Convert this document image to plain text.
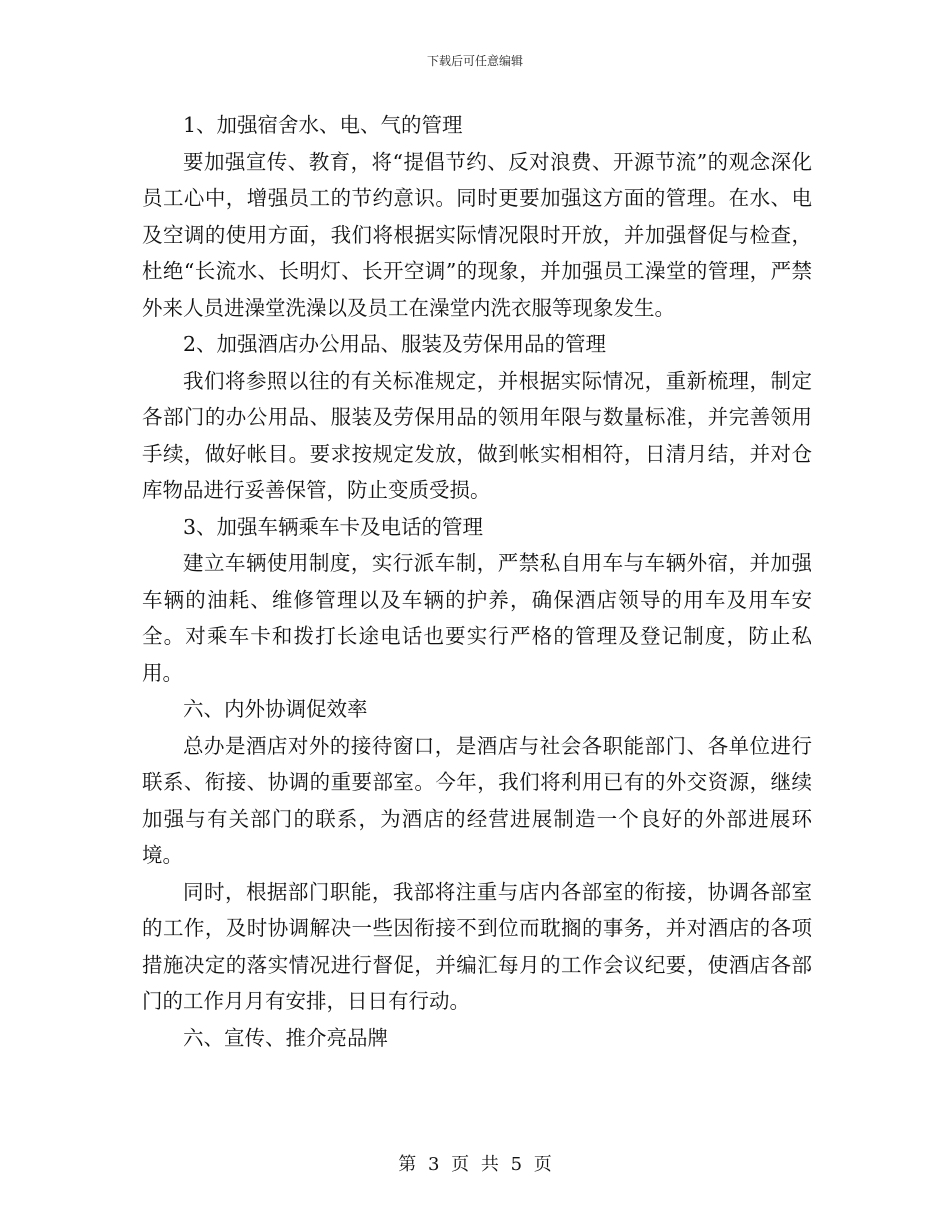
下载后可任意编辑

1、加强宿舍水、电、气的管理

要加强宣传、教育，将“提倡节约、反对浪费、开源节流”的观念深化员工心中，增强员工的节约意识。同时更要加强这方面的管理。在水、电及空调的使用方面，我们将根据实际情况限时开放，并加强督促与检查，杜绝“长流水、长明灯、长开空调”的现象，并加强员工澡堂的管理，严禁外来人员进澡堂洗澡以及员工在澡堂内洗衣服等现象发生。

2、加强酒店办公用品、服装及劳保用品的管理

我们将参照以往的有关标准规定，并根据实际情况，重新梳理，制定各部门的办公用品、服装及劳保用品的领用年限与数量标准，并完善领用手续，做好帐目。要求按规定发放，做到帐实相相符，日清月结，并对仓库物品进行妥善保管，防止变质受损。

3、加强车辆乘车卡及电话的管理

建立车辆使用制度，实行派车制，严禁私自用车与车辆外宿，并加强车辆的油耗、维修管理以及车辆的护养，确保酒店领导的用车及用车安全。对乘车卡和拨打长途电话也要实行严格的管理及登记制度，防止私用。

六、内外协调促效率

总办是酒店对外的接待窗口，是酒店与社会各职能部门、各单位进行联系、衔接、协调的重要部室。今年，我们将利用已有的外交资源，继续加强与有关部门的联系，为酒店的经营进展制造一个良好的外部进展环境。

同时，根据部门职能，我部将注重与店内各部室的衔接，协调各部室的工作，及时协调解决一些因衔接不到位而耽搁的事务，并对酒店的各项措施决定的落实情况进行督促，并编汇每月的工作会议纪要，使酒店各部门的工作月月有安排，日日有行动。

六、宣传、推介亮品牌

第 3 页 共 5 页
